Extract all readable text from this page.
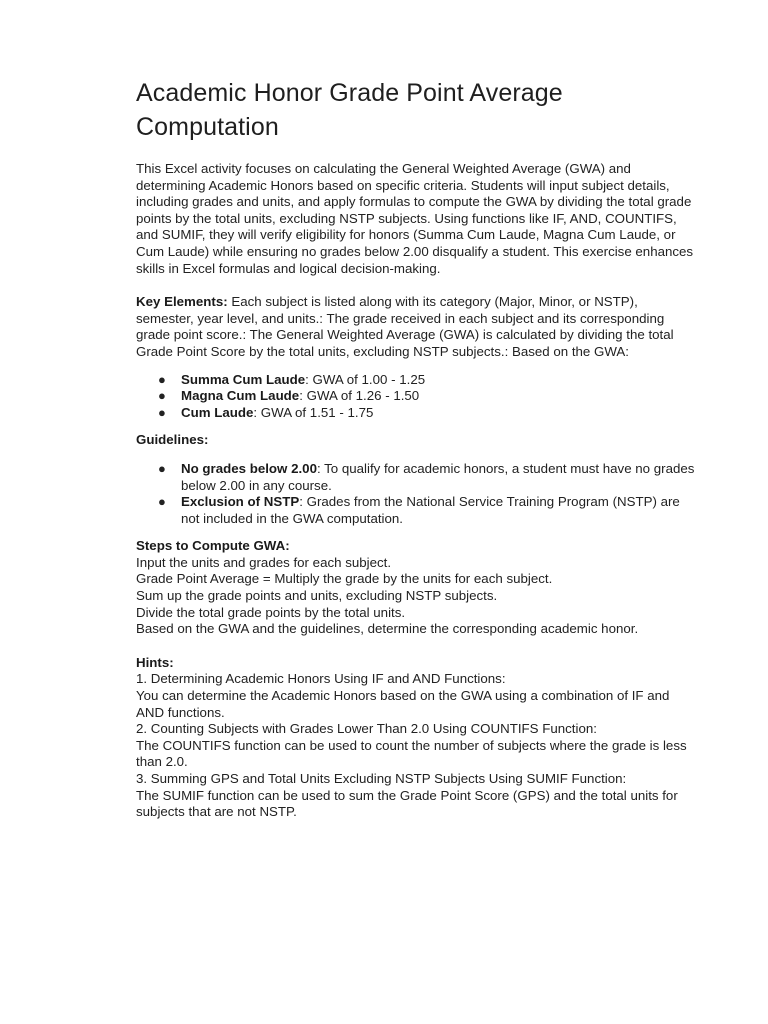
Academic Honor Grade Point Average Computation

This Excel activity focuses on calculating the General Weighted Average (GWA) and determining Academic Honors based on specific criteria. Students will input subject details, including grades and units, and apply formulas to compute the GWA by dividing the total grade points by the total units, excluding NSTP subjects. Using functions like IF, AND, COUNTIFS, and SUMIF, they will verify eligibility for honors (Summa Cum Laude, Magna Cum Laude, or Cum Laude) while ensuring no grades below 2.00 disqualify a student. This exercise enhances skills in Excel formulas and logical decision-making.

Key Elements: Each subject is listed along with its category (Major, Minor, or NSTP), semester, year level, and units.: The grade received in each subject and its corresponding grade point score.: The General Weighted Average (GWA) is calculated by dividing the total Grade Point Score by the total units, excluding NSTP subjects.: Based on the GWA:

● Summa Cum Laude: GWA of 1.00 - 1.25
● Magna Cum Laude: GWA of 1.26 - 1.50
● Cum Laude: GWA of 1.51 - 1.75

Guidelines:

● No grades below 2.00: To qualify for academic honors, a student must have no grades below 2.00 in any course.
● Exclusion of NSTP: Grades from the National Service Training Program (NSTP) are not included in the GWA computation.

Steps to Compute GWA:

Input the units and grades for each subject.

Grade Point Average = Multiply the grade by the units for each subject.

Sum up the grade points and units, excluding NSTP subjects.

Divide the total grade points by the total units.

Based on the GWA and the guidelines, determine the corresponding academic honor.

Hints:

1. Determining Academic Honors Using IF and AND Functions:

You can determine the Academic Honors based on the GWA using a combination of IF and AND functions.

2. Counting Subjects with Grades Lower Than 2.0 Using COUNTIFS Function:

The COUNTIFS function can be used to count the number of subjects where the grade is less than 2.0.

3. Summing GPS and Total Units Excluding NSTP Subjects Using SUMIF Function:

The SUMIF function can be used to sum the Grade Point Score (GPS) and the total units for subjects that are not NSTP.
